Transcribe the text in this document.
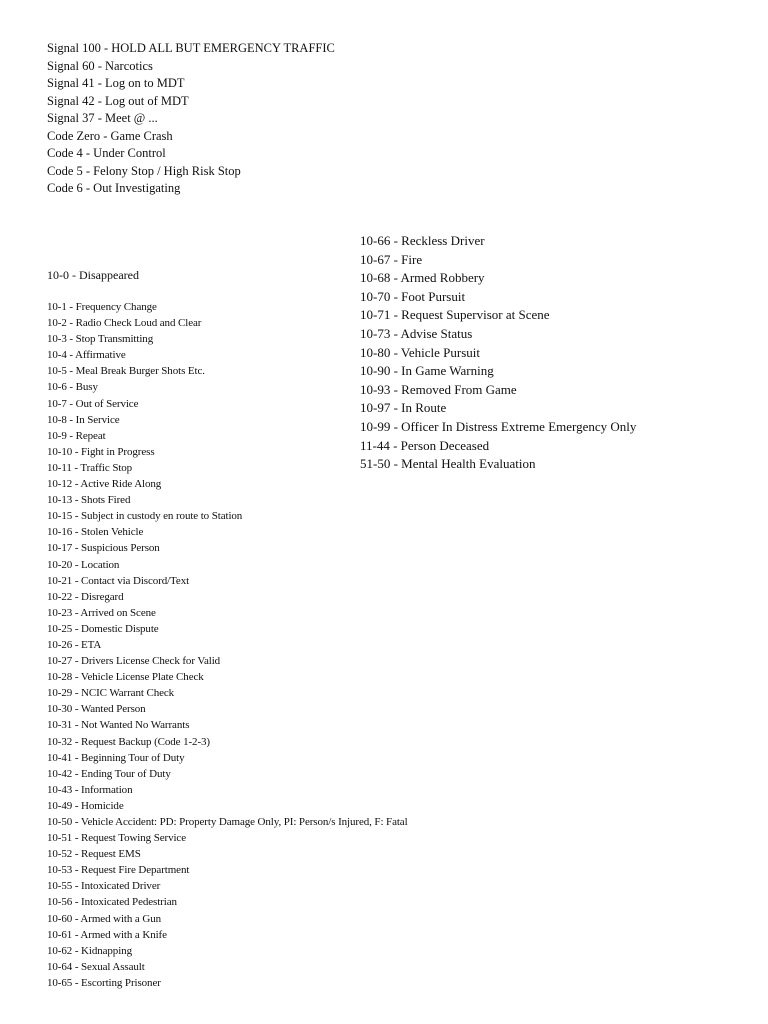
Signal 100 - HOLD ALL BUT EMERGENCY TRAFFIC
Signal 60 - Narcotics
Signal 41 - Log on to MDT
Signal 42 - Log out of MDT
Signal 37 - Meet @ ...
Code Zero - Game Crash
Code 4 - Under Control
Code 5 - Felony Stop / High Risk Stop
Code 6 - Out Investigating
10-0 - Disappeared
10-1 - Frequency Change
10-2 - Radio Check Loud and Clear
10-3 - Stop Transmitting
10-4 - Affirmative
10-5 - Meal Break Burger Shots Etc.
10-6 - Busy
10-7 - Out of Service
10-8 - In Service
10-9 - Repeat
10-10 - Fight in Progress
10-11 - Traffic Stop
10-12 - Active Ride Along
10-13 - Shots Fired
10-15 - Subject in custody en route to Station
10-16 - Stolen Vehicle
10-17 - Suspicious Person
10-20 - Location
10-21 - Contact via Discord/Text
10-22 - Disregard
10-23 - Arrived on Scene
10-25 - Domestic Dispute
10-26 - ETA
10-27 - Drivers License Check for Valid
10-28 - Vehicle License Plate Check
10-29 - NCIC Warrant Check
10-30 - Wanted Person
10-31 - Not Wanted No Warrants
10-32 - Request Backup (Code 1-2-3)
10-41 - Beginning Tour of Duty
10-42 - Ending Tour of Duty
10-43 - Information
10-49 - Homicide
10-50 - Vehicle Accident: PD: Property Damage Only, PI: Person/s Injured, F: Fatal
10-51 - Request Towing Service
10-52 - Request EMS
10-53 - Request Fire Department
10-55 - Intoxicated Driver
10-56 - Intoxicated Pedestrian
10-60 - Armed with a Gun
10-61 - Armed with a Knife
10-62 - Kidnapping
10-64 - Sexual Assault
10-65 - Escorting Prisoner
10-66 - Reckless Driver
10-67 - Fire
10-68 - Armed Robbery
10-70 - Foot Pursuit
10-71 - Request Supervisor at Scene
10-73 - Advise Status
10-80 - Vehicle Pursuit
10-90 - In Game Warning
10-93 - Removed From Game
10-97 - In Route
10-99 - Officer In Distress Extreme Emergency Only
11-44 - Person Deceased
51-50 - Mental Health Evaluation
